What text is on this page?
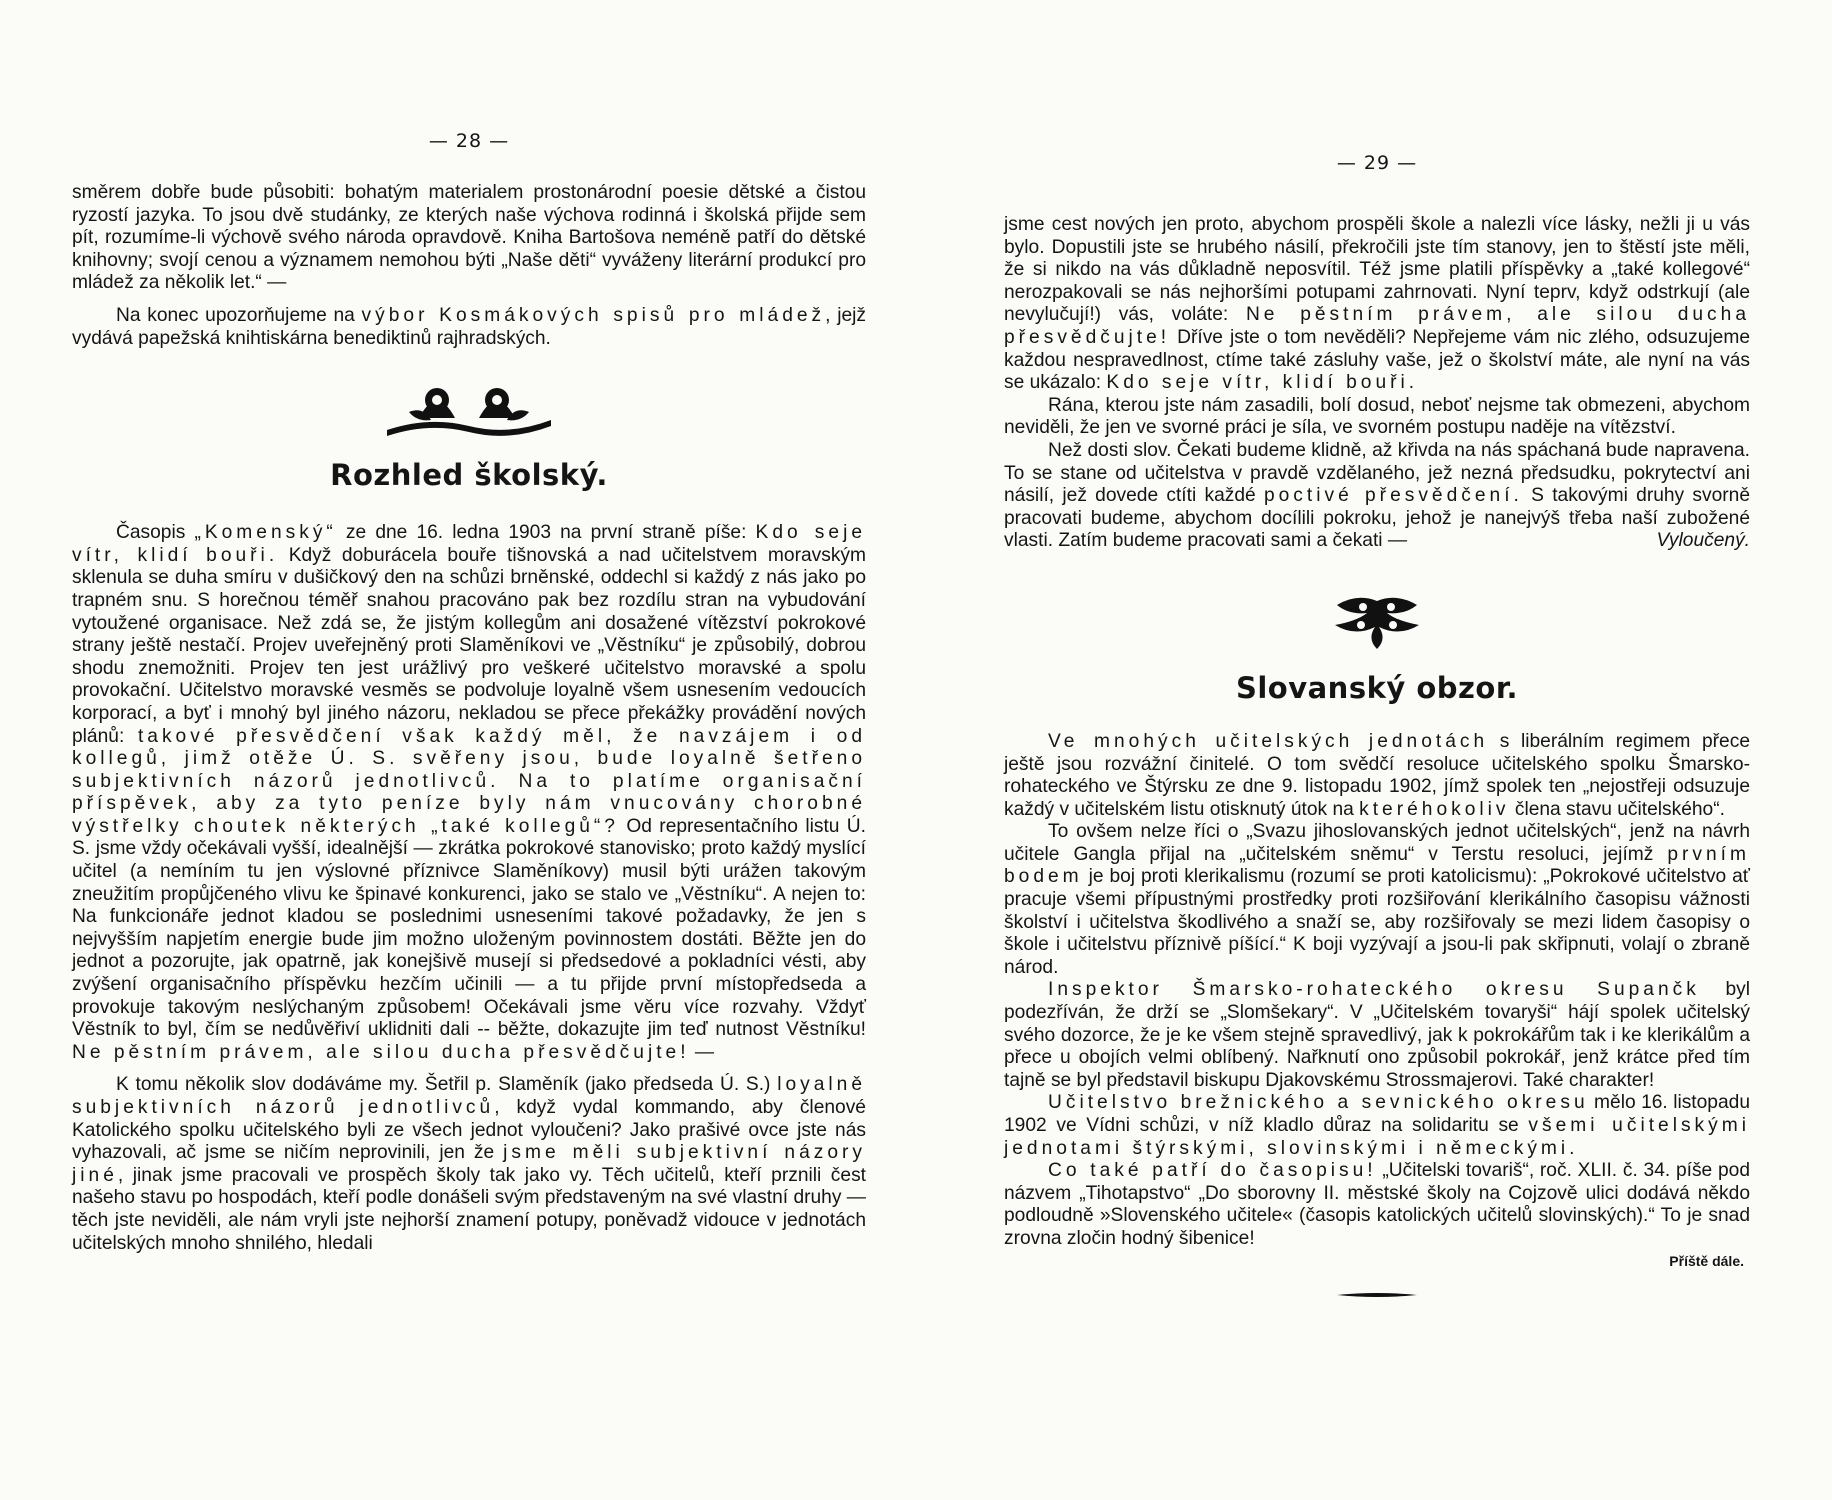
— 28 —

směrem dobře bude působiti: bohatým materialem prostonárodní poesie dětské a čistou ryzostí jazyka. To jsou dvě studánky, ze kterých naše výchova rodinná i školská přijde sem pít, rozumíme-li výchově svého národa opravdově. Kniha Bartošova neméně patří do dětské knihovny; svojí cenou a významem nemohou býti „Naše děti“ vyváženy literární produkcí pro mládež za několik let.“ —

Na konec upozorňujeme na výbor Kosmákových spisů pro mládež, jejž vydává papežská knihtiskárna benediktinů rajhradských.

Rozhled školský.

Časopis „Komenský“ ze dne 16. ledna 1903 na první straně píše: Kdo seje vítr, klidí bouři. Když doburácela bouře tišnovská a nad učitelstvem moravským sklenula se duha smíru v dušičkový den na schůzi brněnské, oddechl si každý z nás jako po trapném snu. S horečnou téměř snahou pracováno pak bez rozdílu stran na vybudování vytoužené organisace. Než zdá se, že jistým kollegům ani dosažené vítězství pokrokové strany ještě nestačí. Projev uveřejněný proti Slaměníkovi ve „Věstníku“ je způsobilý, dobrou shodu znemožniti. Projev ten jest urážlivý pro veškeré učitelstvo moravské a spolu provokační. Učitelstvo moravské vesměs se podvoluje loyalně všem usnesením vedoucích korporací, a byť i mnohý byl jiného názoru, nekladou se přece překážky provádění nových plánů: takové přesvědčení však každý měl, že navzájem i od kollegů, jimž otěže Ú. S. svěřeny jsou, bude loyalně šetřeno subjektivních názorů jednotlivců. Na to platíme organisační příspěvek, aby za tyto peníze byly nám vnucovány chorobné výstřelky choutek některých „také kollegů“? Od representačního listu Ú. S. jsme vždy očekávali vyšší, idealnější — zkrátka pokrokové stanovisko; proto každý myslící učitel (a nemíním tu jen výslovné příznivce Slaměníkovy) musil býti urážen takovým zneužitím propůjčeného vlivu ke špinavé konkurenci, jako se stalo ve „Věstníku“. A nejen to: Na funkcionáře jednot kladou se poslednimi usneseními takové požadavky, že jen s nejvyšším napjetím energie bude jim možno uloženým povinnostem dostáti. Běžte jen do jednot a pozorujte, jak opatrně, jak konejšivě musejí si předsedové a pokladníci vésti, aby zvýšení organisačního příspěvku hezčím učinili — a tu přijde první místopředseda a provokuje takovým neslýchaným způsobem! Očekávali jsme věru více rozvahy. Vždyť Věstník to byl, čím se nedůvěřiví uklidniti dali -- běžte, dokazujte jim teď nutnost Věstníku! Ne pěstním právem, ale silou ducha přesvědčujte! —

K tomu několik slov dodáváme my. Šetřil p. Slaměník (jako předseda Ú. S.) loyalně subjektivních názorů jednotlivců, když vydal kommando, aby členové Katolického spolku učitelského byli ze všech jednot vyloučeni? Jako prašivé ovce jste nás vyhazovali, ač jsme se ničím neprovinili, jen že jsme měli subjektivní názory jiné, jinak jsme pracovali ve prospěch školy tak jako vy. Těch učitelů, kteří prznili čest našeho stavu po hospodách, kteří podle donášeli svým představeným na své vlastní druhy — těch jste neviděli, ale nám vryli jste nejhorší znamení potupy, poněvadž vidouce v jednotách učitelských mnoho shnilého, hledali

— 29 —

jsme cest nových jen proto, abychom prospěli škole a nalezli více lásky, nežli ji u vás bylo. Dopustili jste se hrubého násilí, překročili jste tím stanovy, jen to štěstí jste měli, že si nikdo na vás důkladně neposvítil. Též jsme platili příspěvky a „také kollegové“ nerozpakovali se nás nejhoršími potupami zahrnovati. Nyní teprv, když odstrkují (ale nevylučují!) vás, voláte: Ne pěstním právem, ale silou ducha přesvědčujte! Dříve jste o tom nevěděli? Nepřejeme vám nic zlého, odsuzujeme každou nespravedlnost, ctíme také zásluhy vaše, jež o školství máte, ale nyní na vás se ukázalo: Kdo seje vítr, klidí bouři.

Rána, kterou jste nám zasadili, bolí dosud, neboť nejsme tak obmezeni, abychom neviděli, že jen ve svorné práci je síla, ve svorném postupu naděje na vítězství.

Než dosti slov. Čekati budeme klidně, až křivda na nás spáchaná bude napravena. To se stane od učitelstva v pravdě vzdělaného, jež nezná předsudku, pokrytectví ani násilí, jež dovede ctíti každé poctivé přesvědčení. S takovými druhy svorně pracovati budeme, abychom docílili pokroku, jehož je nanejvýš třeba naší zubožené vlasti. Zatím budeme pracovati sami a čekati —	Vyloučený.

Slovanský obzor.

Ve mnohých učitelských jednotách s liberálním regimem přece ještě jsou rozvážní činitelé. O tom svědčí resoluce učitelského spolku Šmarsko-rohateckého ve Štýrsku ze dne 9. listopadu 1902, jímž spolek ten „nejostřeji odsuzuje každý v učitelském listu otisknutý útok na kteréhokoliv člena stavu učitelského“.

To ovšem nelze říci o „Svazu jihoslovanských jednot učitelských“, jenž na návrh učitele Gangla přijal na „učitelském sněmu“ v Terstu resoluci, jejímž prvním bodem je boj proti klerikalismu (rozumí se proti katolicismu): „Pokrokové učitelstvo ať pracuje všemi přípustnými prostředky proti rozšiřování klerikálního časopisu vážnosti školství i učitelstva škodlivého a snaží se, aby rozšiřovaly se mezi lidem časopisy o škole i učitelstvu příznivě píšící.“ K boji vyzývají a jsou-li pak skřipnuti, volají o zbraně národ.

Inspektor Šmarsko-rohateckého okresu Supančk byl podezříván, že drží se „Slomšekary“. V „Učitelském tovaryši“ hájí spolek učitelský svého dozorce, že je ke všem stejně spravedlivý, jak k pokrokářům tak i ke klerikálům a přece u obojích velmi oblíbený. Nařknutí ono způsobil pokrokář, jenž krátce před tím tajně se byl představil biskupu Djakovskému Strossmajerovi. Také charakter!

Učitelstvo brežnického a sevnického okresu mělo 16. listopadu 1902 ve Vídni schůzi, v níž kladlo důraz na solidaritu se všemi učitelskými jednotami štýrskými, slovinskými i německými.

Co také patří do časopisu! „Učitelski tovariš“, roč. XLII. č. 34. píše pod názvem „Tihotapstvo“ „Do sborovny II. městské školy na Cojzově ulici dodává někdo podloudně »Slovenského učitele« (časopis katolických učitelů slovinských).“ To je snad zrovna zločin hodný šibenice!

Příště dále.
